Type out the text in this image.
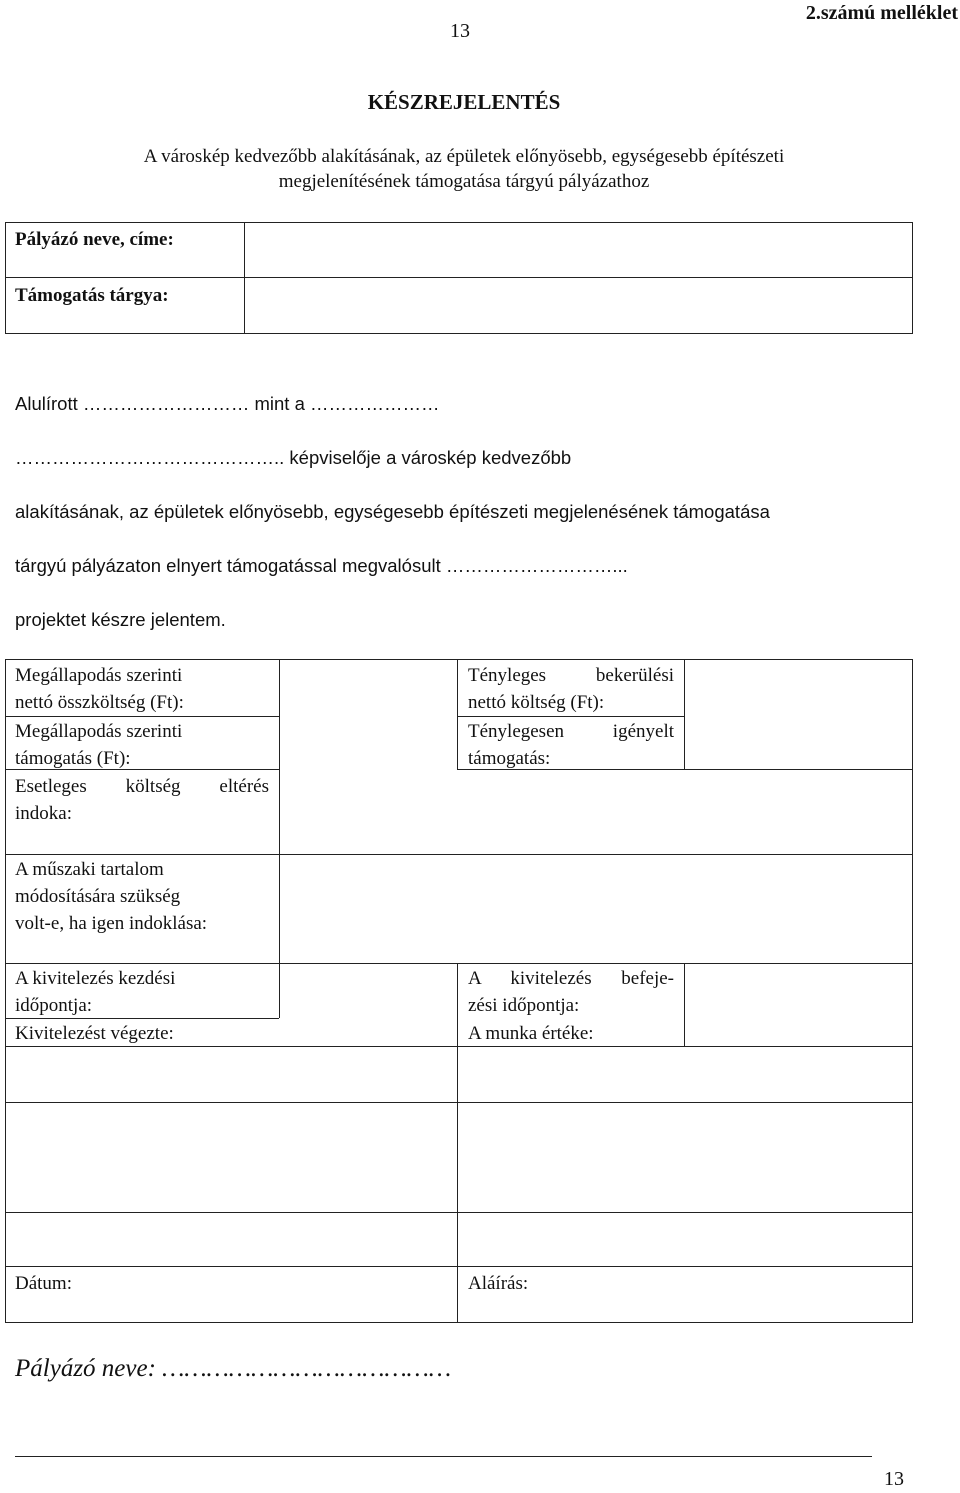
13
2.számú melléklet
KÉSZREJELENTÉS
A városkép kedvezőbb alakításának, az épületek előnyösebb, egységesebb építészeti
megjelenítésének támogatása tárgyú pályázathoz
Pályázó neve, címe:
Támogatás tárgya:
Alulírott ……………………… mint a …………………
…………………………………….. képviselője a városkép kedvezőbb
alakításának, az épületek előnyösebb, egységesebb építészeti megjelenésének támogatása
tárgyú pályázaton elnyert támogatással megvalósult ………………………...
projektet készre jelentem.
Megállapodás szerinti
nettó összköltség (Ft):
Megállapodás szerinti
támogatás (Ft):
Esetleges költség eltérés
indoka:
A műszaki tartalom
módosítására szükség
volt-e, ha igen indoklása:
A kivitelezés kezdési
időpontja:
Kivitelezést végezte:
Dátum:
Tényleges bekerülési
nettó költség (Ft):
Ténylegesen igényelt
támogatás:
A kivitelezés befeje-
zési időpontja:
A munka értéke:
Aláírás:
Pályázó neve: …………………………………
13
